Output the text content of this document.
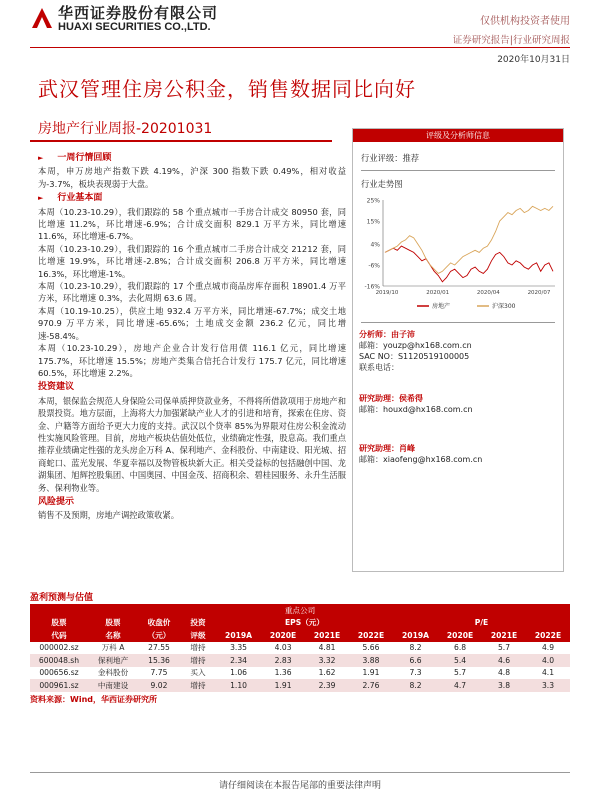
华西证券股份有限公司
HUAXI SECURITIES CO.,LTD.	仅供机构投资者使用
证券研究报告|行业研究周报
2020年10月31日
武汉管理住房公积金，销售数据同比向好
房地产行业周报-20201031
► 一周行情回顾
本周，申万房地产指数下跌 4.19%，沪深 300 指数下跌 0.49%，相对收益为-3.7%，板块表现弱于大盘。
► 行业基本面
本周（10.23-10.29），我们跟踪的 58 个重点城市一手房合计成交 80950 套，同比增速 11.2%，环比增速-6.9%；合计成交面积 829.1 万平方米，同比增速 11.6%，环比增速-6.7%。
本周（10.23-10.29），我们跟踪的 16 个重点城市二手房合计成交 21212 套，同比增速 19.9%，环比增速-2.8%；合计成交面积 206.8 万平方米，同比增速 16.3%，环比增速-1%。
本周（10.23-10.29），我们跟踪的 17 个重点城市商品房库存面积 18901.4 万平方米，环比增速 0.3%，去化周期 63.6 周。
本周（10.19-10.25），供应土地 932.4 万平方米，同比增速-67.7%；成交土地 970.9 万平方米，同比增速-65.6%；土地成交金额 236.2 亿元，同比增速-58.4%。
本周（10.23-10.29），房地产企业合计发行信用债 116.1 亿元，同比增速 175.7%，环比增速 15.5%；房地产类集合信托合计发行 175.7 亿元，同比增速 60.5%，环比增速 2.2%。
投资建议
本周，银保监会规范人身保险公司保单质押贷款业务，不得将所借款项用于房地产和股票投资。地方层面，上海将大力加强紧缺产业人才的引进和培育，探索在住房、资金、户籍等方面给予更大力度的支持。武汉以个贷率 85%为界限对住房公积金流动性实施风险管理。目前，房地产板块估值处低位，业绩确定性强，股息高。我们重点推荐业绩确定性强的龙头房企万科 A、保利地产、金科股份、中南建设、阳光城、招商蛇口、蓝光发展、华夏幸福以及物管板块新大正。相关受益标的包括融创中国、龙湖集团、旭辉控股集团、中国奥园、中国金茂、招商积余、碧桂园服务、永升生活服务、保利物业等。
风险提示
销售不及预期，房地产调控政策收紧。
评级及分析师信息
行业评级：推荐
行业走势图
25%
15%
4%
-6%
-16%
2019/10	2020/01	2020/04	2020/07
房地产	沪深300
分析师：由子沛
邮箱：youzp@hx168.com.cn
SAC NO：S1120519100005
联系电话：
研究助理：侯希得
邮箱：houxd@hx168.com.cn
研究助理：肖峰
邮箱：xiaofeng@hx168.com.cn
盈利预测与估值
重点公司											
股票	股票	收盘价	投资	EPS（元）				P/E			
代码	名称	（元）	评级	2019A	2020E	2021E	2022E	2019A	2020E	2021E	2022E
000002.sz	万科 A	27.55	增持	3.35	4.03	4.81	5.66	8.2	6.8	5.7	4.9
600048.sh	保利地产	15.36	增持	2.34	2.83	3.32	3.88	6.6	5.4	4.6	4.0
000656.sz	金科股份	7.75	买入	1.06	1.36	1.62	1.91	7.3	5.7	4.8	4.1
000961.sz	中南建设	9.02	增持	1.10	1.91	2.39	2.76	8.2	4.7	3.8	3.3
资料来源：Wind，华西证券研究所
请仔细阅读在本报告尾部的重要法律声明
